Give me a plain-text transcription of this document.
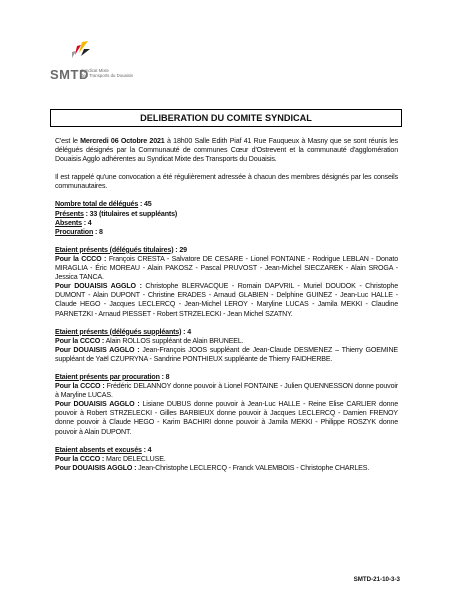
SMTD
Syndicat Mixte
des Transports du Douaisis
DELIBERATION DU COMITE SYNDICAL

C'est le Mercredi 06 Octobre 2021 à 18h00 Salle Edith Piaf 41 Rue Fauqueux à Masny que se sont réunis les délégués désignés par la Communauté de communes Cœur d'Ostrevent et la communauté d'agglomération Douaisis Agglo adhérentes au Syndicat Mixte des Transports du Douaisis.

Il est rappelé qu'une convocation a été régulièrement adressée à chacun des membres désignés par les conseils communautaires.

Nombre total de délégués : 45

Présents : 33 (titulaires et suppléants)

Absents : 4

Procuration : 8

Etaient présents (délégués titulaires) : 29

Pour la CCCO : François CRESTA - Salvatore DE CESARE - Lionel FONTAINE - Rodrigue LEBLAN - Donato MIRAGLIA - Éric MOREAU - Alain PAKOSZ - Pascal PRUVOST - Jean-Michel SIECZAREK - Alain SROGA - Jessica TANCA.

Pour DOUAISIS AGGLO : Christophe BLERVACQUE - Romain DAPVRIL - Muriel DOUDOK - Christophe DUMONT - Alain DUPONT - Christine ERADES - Arnaud GLABIEN - Delphine GUINEZ - Jean-Luc HALLE - Claude HEGO - Jacques LECLERCQ - Jean-Michel LEROY - Maryline LUCAS - Jamila MEKKI - Claudine PARNETZKI - Arnaud PIESSET - Robert STRZELECKI - Jean Michel SZATNY.

Etaient présents (délégués suppléants) : 4

Pour la CCCO : Alain ROLLOS suppléant de Alain BRUNEEL.

Pour DOUAISIS AGGLO : Jean-François JOOS suppléant de Jean-Claude DESMENEZ – Thierry GOEMINE suppléant de Yaël CZUPRYNA - Sandrine PONTHIEUX suppléante de Thierry FAIDHERBE.

Etaient présents par procuration : 8

Pour la CCCO : Frédéric DELANNOY donne pouvoir à Lionel FONTAINE - Julien QUENNESSON donne pouvoir à Maryline LUCAS.

Pour DOUAISIS AGGLO : Lisiane DUBUS donne pouvoir à Jean-Luc HALLE - Reine Elise CARLIER donne pouvoir à Robert STRZELECKI - Gilles BARBIEUX donne pouvoir à Jacques LECLERCQ - Damien FRENOY donne pouvoir à Claude HEGO - Karim BACHIRI donne pouvoir à Jamila MEKKI - Philippe ROSZYK donne pouvoir à Alain DUPONT.

Etaient absents et excusés : 4

Pour la CCCO : Marc DELECLUSE.

Pour DOUAISIS AGGLO : Jean-Christophe LECLERCQ - Franck VALEMBOIS - Christophe CHARLES.

SMTD-21-10-3-3
